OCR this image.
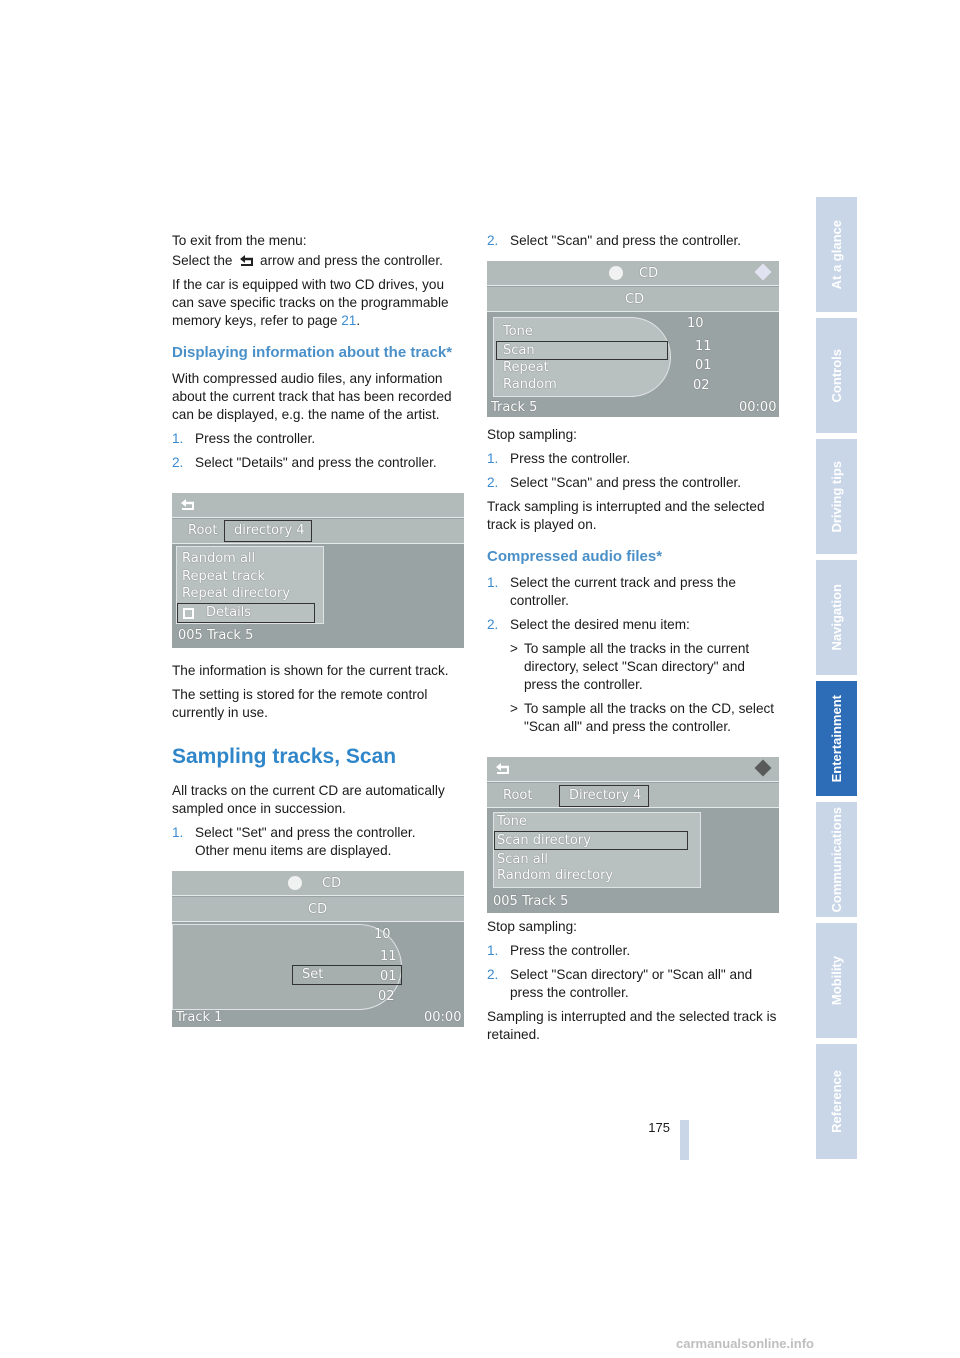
To exit from the menu:

Select the arrow and press the controller.

If the car is equipped with two CD drives, you can save specific tracks on the programmable memory keys, refer to page 21.

Displaying information about the track*

With compressed audio files, any information about the current track that has been recorded can be displayed, e.g. the name of the artist.

1. Press the controller.
2. Select "Details" and press the controller.

The information is shown for the current track.

The setting is stored for the remote control currently in use.

Sampling tracks, Scan

All tracks on the current CD are automatically sampled once in succession.

1. Select "Set" and press the controller.
Other menu items are displayed.
Root directory 4
Random all
Repeat track
Repeat directory
Details
005 Track 5
CD
CD
10
11
Set	01
02
Track 1	00:00
2. Select "Scan" and press the controller.

Stop sampling:

1. Press the controller.
2. Select "Scan" and press the controller.

Track sampling is interrupted and the selected track is played on.

Compressed audio files*
1. Select the current track and press the controller.
2. Select the desired menu item:
> To sample all the tracks in the current directory, select "Scan directory" and press the controller.
> To sample all the tracks on the CD, select "Scan all" and press the controller.

Stop sampling:

1. Press the controller.
2. Select "Scan directory" or "Scan all" and press the controller.

Sampling is interrupted and the selected track is retained.

CD
CD
Tone
Scan
Repeat
Random
10
11
01
02
Track 5	00:00
Root	Directory 4
Tone
Scan directory
Scan all
Random directory
005 Track 5
At a glance
Controls
Driving tips
Navigation
Entertainment
Communications
Mobility
Reference
175
carmanualsonline.info
